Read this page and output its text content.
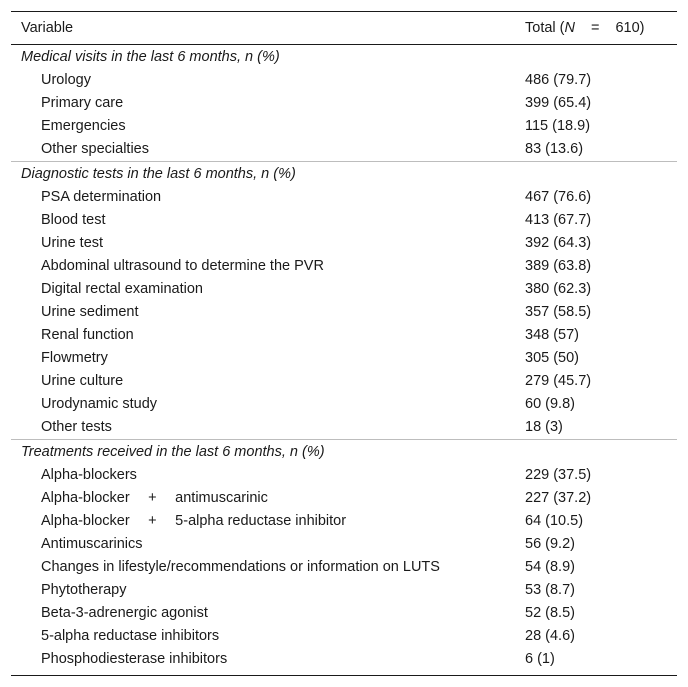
Variable	Total (N = 610)
Medical visits in the last 6 months, n (%)	
Urology	486 (79.7)
Primary care	399 (65.4)
Emergencies	115 (18.9)
Other specialties	83 (13.6)
Diagnostic tests in the last 6 months, n (%)	
PSA determination	467 (76.6)
Blood test	413 (67.7)
Urine test	392 (64.3)
Abdominal ultrasound to determine the PVR	389 (63.8)
Digital rectal examination	380 (62.3)
Urine sediment	357 (58.5)
Renal function	348 (57)
Flowmetry	305 (50)
Urine culture	279 (45.7)
Urodynamic study	60 (9.8)
Other tests	18 (3)
Treatments received in the last 6 months, n (%)	
Alpha-blockers	229 (37.5)
Alpha-blocker  +  antimuscarinic	227 (37.2)
Alpha-blocker  +  5-alpha reductase inhibitor	64 (10.5)
Antimuscarinics	56 (9.2)
Changes in lifestyle/recommendations or information on LUTS	54 (8.9)
Phytotherapy	53 (8.7)
Beta-3-adrenergic agonist	52 (8.5)
5-alpha reductase inhibitors	28 (4.6)
Phosphodiesterase inhibitors	6 (1)
